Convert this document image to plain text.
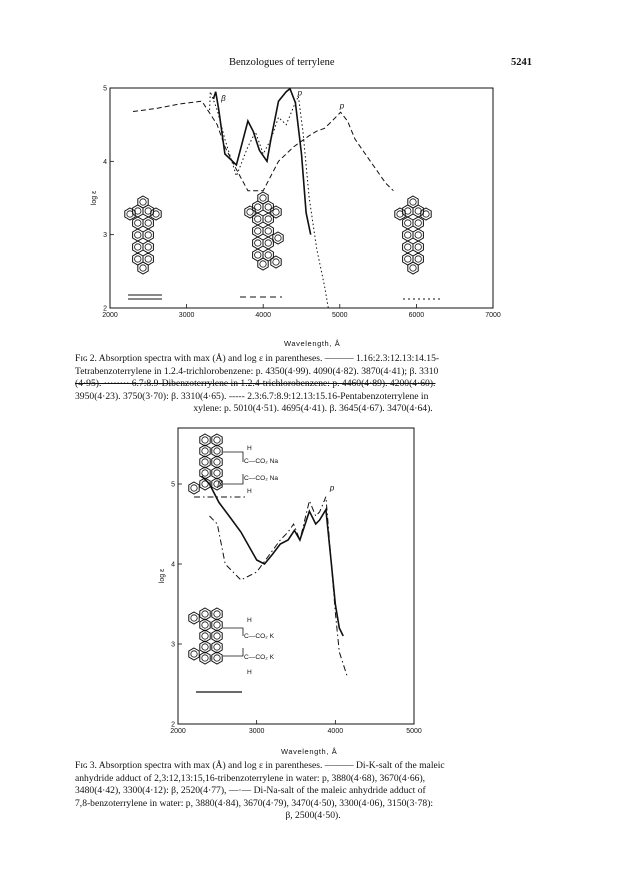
Benzologues of terrylene	5241
2000	3000	4000	5000	6000	7000
2
3
4
5
log ε
β
p
p
Wavelength, Å
Fɪɢ 2. Absorption spectra with max (Å) and log ε in parentheses. ——— 1.16:2.3:12.13:14.15-
Tetrabenzoterrylene in 1.2.4-trichlorobenzene: p. 4350(4·99). 4090(4·82). 3870(4·41); β. 3310
(4·95). ········ 6.7:8.9-Dibenzoterrylene in 1.2.4-trichlorobenzene: p. 4460(4·89). 4200(4·60).
3950(4·23). 3750(3·70): β. 3310(4·65). ----- 2.3:6.7:8.9:12.13:15.16-Pentabenzoterrylene in
xylene: p. 5010(4·51). 4695(4·41). β. 3645(4·67). 3470(4·64).
2000	3000	4000	5000
2
3
4
5
log ε
β	p
H
C—CO₂ Na
C—CO₂ Na
H
H
C—CO₂ K
C—CO₂ K
H
Wavelength, Å
Fɪɢ 3. Absorption spectra with max (Å) and log ε in parentheses. ——— Di-K-salt of the maleic
anhydride adduct of 2,3:12,13:15,16-tribenzoterrylene in water: p, 3880(4·68), 3670(4·66),
3480(4·42), 3300(4·12): β, 2520(4·77), —·— Di-Na-salt of the maleic anhydride adduct of
7,8-benzoterrylene in water: p, 3880(4·84), 3670(4·79), 3470(4·50), 3300(4·06), 3150(3·78):
β, 2500(4·50).
